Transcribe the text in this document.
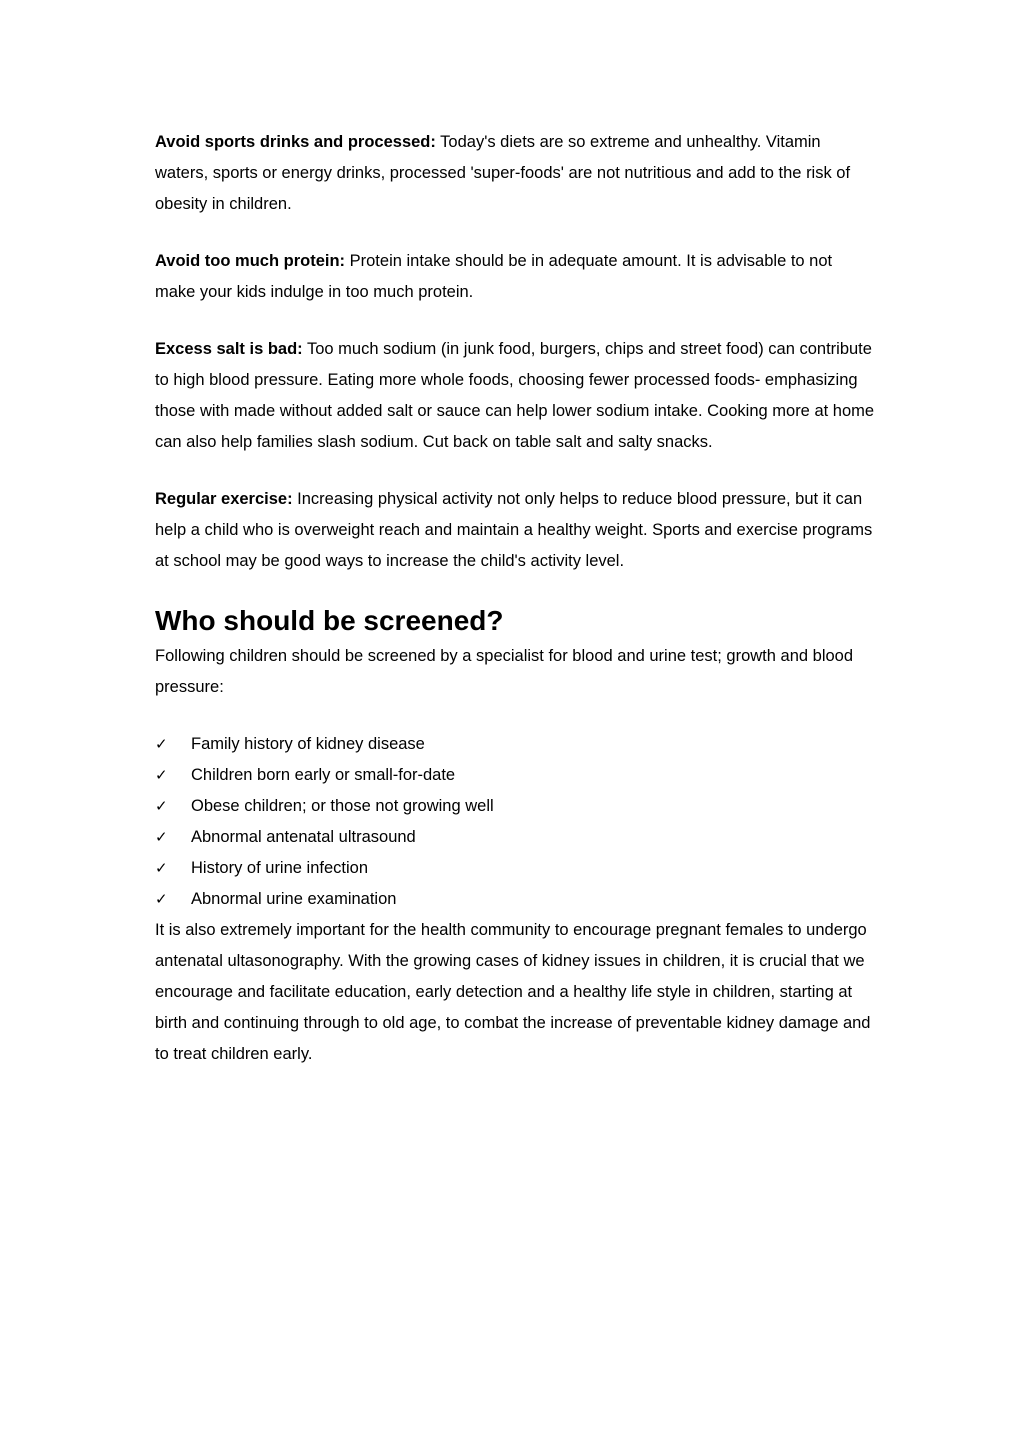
Avoid sports drinks and processed: Today's diets are so extreme and unhealthy. Vitamin waters, sports or energy drinks, processed 'super-foods' are not nutritious and add to the risk of obesity in children.

Avoid too much protein: Protein intake should be in adequate amount. It is advisable to not make your kids indulge in too much protein.

Excess salt is bad: Too much sodium (in junk food, burgers, chips and street food) can contribute to high blood pressure. Eating more whole foods, choosing fewer processed foods- emphasizing those with made without added salt or sauce can help lower sodium intake. Cooking more at home can also help families slash sodium. Cut back on table salt and salty snacks.

Regular exercise: Increasing physical activity not only helps to reduce blood pressure, but it can help a child who is overweight reach and maintain a healthy weight. Sports and exercise programs at school may be good ways to increase the child's activity level.

Who should be screened?

Following children should be screened by a specialist for blood and urine test; growth and blood pressure:

✓	Family history of kidney disease
✓	Children born early or small-for-date
✓	Obese children; or those not growing well
✓	Abnormal antenatal ultrasound
✓	History of urine infection
✓	Abnormal urine examination

It is also extremely important for the health community to encourage pregnant females to undergo antenatal ultasonography. With the growing cases of kidney issues in children, it is crucial that we encourage and facilitate education, early detection and a healthy life style in children, starting at birth and continuing through to old age, to combat the increase of preventable kidney damage and to treat children early.
